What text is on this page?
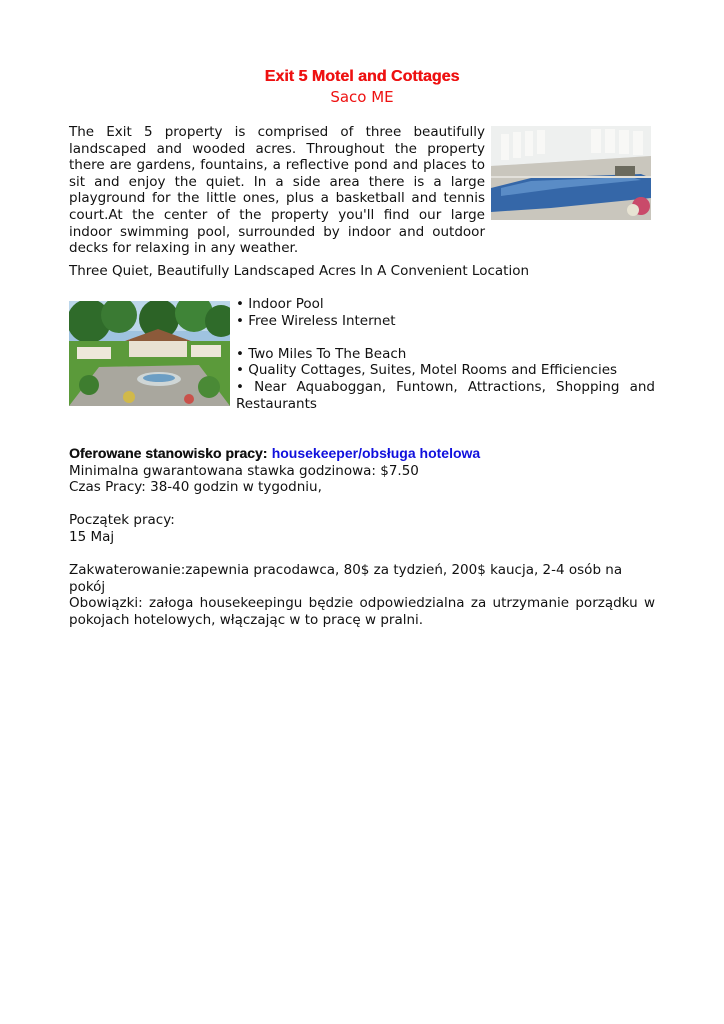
Exit 5 Motel and Cottages
Saco ME

The Exit 5 property is comprised of three beautifully landscaped and wooded acres. Throughout the property there are gardens, fountains, a reflective pond and places to sit and enjoy the quiet. In a side area there is a large playground for the little ones, plus a basketball and tennis court.At the center of the property you'll find our large indoor swimming pool, surrounded by indoor and outdoor decks for relaxing in any weather.

Three Quiet, Beautifully Landscaped Acres In A Convenient Location

• Indoor Pool
• Free Wireless Internet
• Two Miles To The Beach
• Quality Cottages, Suites, Motel Rooms and Efficiencies
• Near Aquaboggan, Funtown, Attractions, Shopping and Restaurants

Oferowane stanowisko pracy: housekeeper/obsługa hotelowa

Minimalna gwarantowana stawka godzinowa: $7.50

Czas Pracy: 38-40 godzin w tygodniu,

Początek pracy:

15 Maj

Zakwaterowanie:zapewnia pracodawca, 80$ za tydzień, 200$ kaucja, 2-4 osób na pokój

Obowiązki: załoga housekeepingu będzie odpowiedzialna za utrzymanie porządku w pokojach hotelowych, włączając w to pracę w pralni.
